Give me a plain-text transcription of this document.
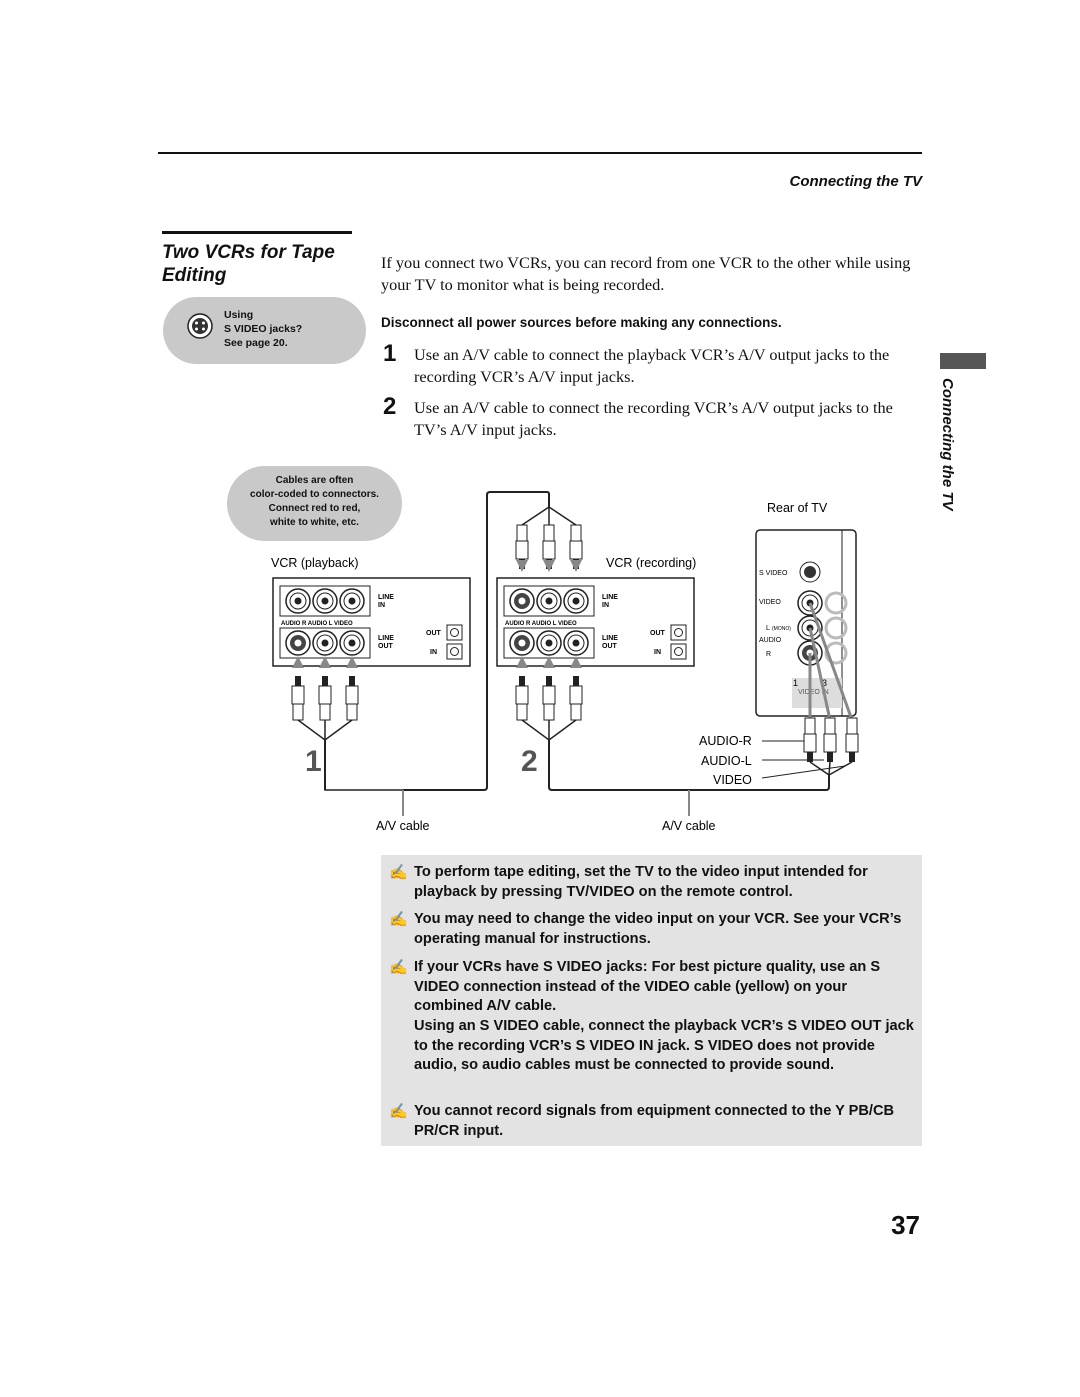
Connecting the TV
Two VCRs for Tape Editing
Using
S VIDEO jacks?
See page 20.
Cables are often
color-coded to connectors.
Connect red to red,
white to white, etc.
If you connect two VCRs, you can record from one VCR to the other while using your TV to monitor what is being recorded.
Disconnect all power sources before making any connections.
1 Use an A/V cable to connect the playback VCR’s A/V output jacks to the recording VCR’s A/V input jacks.
2 Use an A/V cable to connect the recording VCR’s A/V output jacks to the TV’s A/V input jacks.	Connecting the TV
VCR (playback)
AUDIO R AUDIO L VIDEO
LINE
IN
LINE
OUT
OUT
IN
VCR (recording)
AUDIO R AUDIO L VIDEO
LINE
IN
LINE
OUT
OUT
IN
1	2
Rear of TV
S VIDEO
VIDEO
L (MONO)
AUDIO
R
1	3
VIDEO IN
AUDIO-R
AUDIO-L
VIDEO
A/V cable	A/V cable
✍ To perform tape editing, set the TV to the video input intended for playback by pressing TV/VIDEO on the remote control.
✍ You may need to change the video input on your VCR. See your VCR’s operating manual for instructions.
✍ If your VCRs have S VIDEO jacks: For best picture quality, use an S VIDEO connection instead of the VIDEO cable (yellow) on your combined A/V cable.
Using an S VIDEO cable, connect the playback VCR’s S VIDEO OUT jack to the recording VCR’s S VIDEO IN jack. S VIDEO does not provide audio, so audio cables must be connected to provide sound.
✍ You cannot record signals from equipment connected to the Y PB/CB PR/CR input.
37
